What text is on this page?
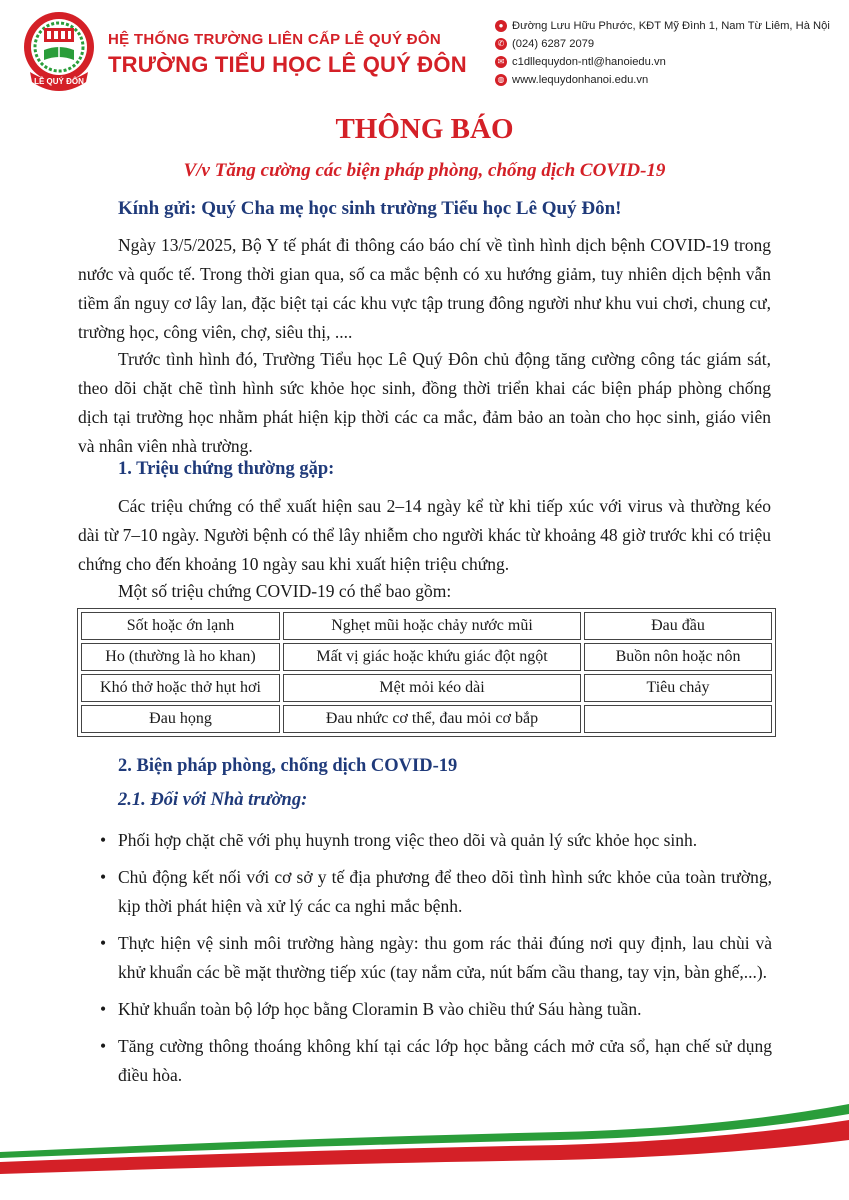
LÊ QUÝ ĐÔN
HỆ THỐNG TRƯỜNG LIÊN CẤP LÊ QUÝ ĐÔN
TRƯỜNG TIỂU HỌC LÊ QUÝ ĐÔN
● Đường Lưu Hữu Phước, KĐT Mỹ Đình 1, Nam Từ Liêm, Hà Nội
✆ (024) 6287 2079
✉ c1dllequydon-ntl@hanoiedu.vn
◍ www.lequydonhanoi.edu.vn
THÔNG BÁO
V/v Tăng cường các biện pháp phòng, chống dịch COVID-19
Kính gửi: Quý Cha mẹ học sinh trường Tiểu học Lê Quý Đôn!

Ngày 13/5/2025, Bộ Y tế phát đi thông cáo báo chí về tình hình dịch bệnh COVID-19 trong nước và quốc tế. Trong thời gian qua, số ca mắc bệnh có xu hướng giảm, tuy nhiên dịch bệnh vẫn tiềm ẩn nguy cơ lây lan, đặc biệt tại các khu vực tập trung đông người như khu vui chơi, chung cư, trường học, công viên, chợ, siêu thị, ....

Trước tình hình đó, Trường Tiểu học Lê Quý Đôn chủ động tăng cường công tác giám sát, theo dõi chặt chẽ tình hình sức khỏe học sinh, đồng thời triển khai các biện pháp phòng chống dịch tại trường học nhằm phát hiện kịp thời các ca mắc, đảm bảo an toàn cho học sinh, giáo viên và nhân viên nhà trường.

1. Triệu chứng thường gặp:

Các triệu chứng có thể xuất hiện sau 2–14 ngày kể từ khi tiếp xúc với virus và thường kéo dài từ 7–10 ngày. Người bệnh có thể lây nhiễm cho người khác từ khoảng 48 giờ trước khi có triệu chứng cho đến khoảng 10 ngày sau khi xuất hiện triệu chứng.

Một số triệu chứng COVID-19 có thể bao gồm:
Sốt hoặc ớn lạnh	Nghẹt mũi hoặc chảy nước mũi	Đau đầu
Ho (thường là ho khan)	Mất vị giác hoặc khứu giác đột ngột	Buồn nôn hoặc nôn
Khó thở hoặc thở hụt hơi	Mệt mỏi kéo dài	Tiêu chảy
Đau họng	Đau nhức cơ thể, đau mỏi cơ bắp	
2. Biện pháp phòng, chống dịch COVID-19
2.1. Đối với Nhà trường:
• Phối hợp chặt chẽ với phụ huynh trong việc theo dõi và quản lý sức khỏe học sinh.
• Chủ động kết nối với cơ sở y tế địa phương để theo dõi tình hình sức khỏe của toàn trường, kịp thời phát hiện và xử lý các ca nghi mắc bệnh.
• Thực hiện vệ sinh môi trường hàng ngày: thu gom rác thải đúng nơi quy định, lau chùi và khử khuẩn các bề mặt thường tiếp xúc (tay nắm cửa, nút bấm cầu thang, tay vịn, bàn ghế,...).
• Khử khuẩn toàn bộ lớp học bằng Cloramin B vào chiều thứ Sáu hàng tuần.
• Tăng cường thông thoáng không khí tại các lớp học bằng cách mở cửa sổ, hạn chế sử dụng điều hòa.
